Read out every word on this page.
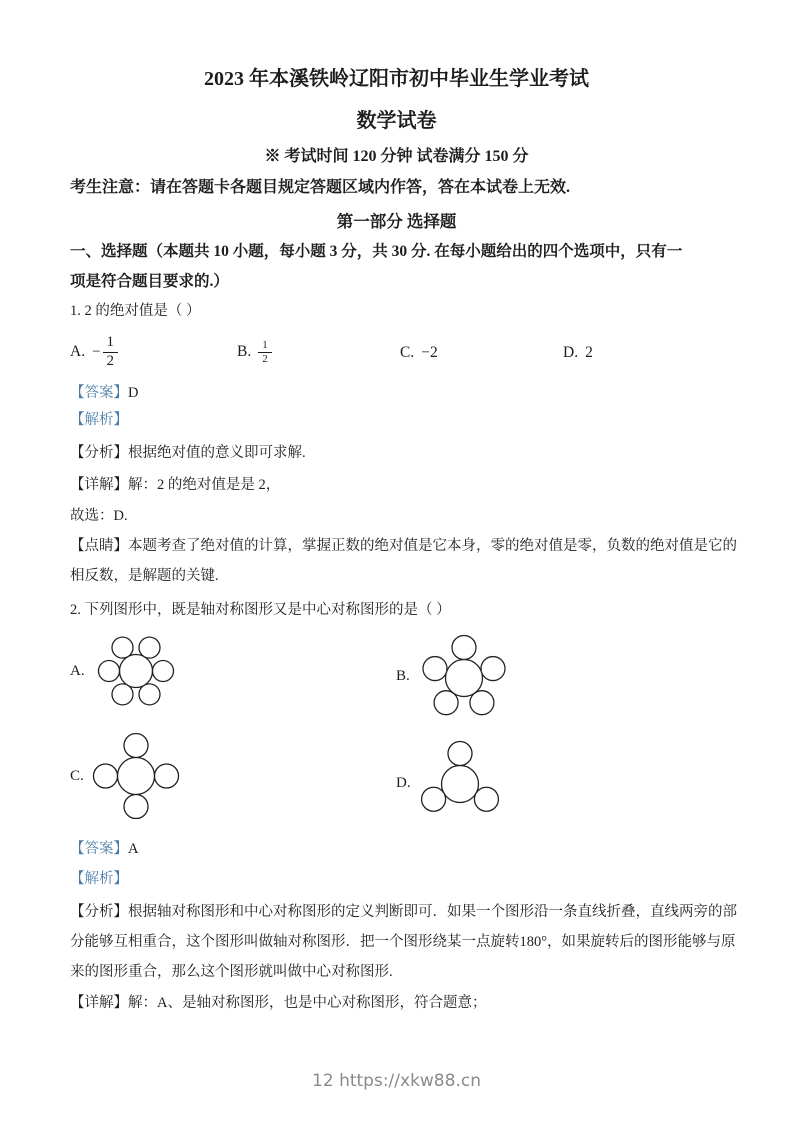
2023 年本溪铁岭辽阳市初中毕业生学业考试
数学试卷
※ 考试时间 120 分钟 试卷满分 150 分
考生注意：请在答题卡各题目规定答题区域内作答，答在本试卷上无效.
第一部分 选择题
一、选择题（本题共 10 小题，每小题 3 分，共 30 分. 在每小题给出的四个选项中，只有一
项是符合题目要求的.）
1. 2 的绝对值是（ ）
A. − $\frac{1}{2}$	B. $\frac{1}{2}$	C. −2	D. 2
【答案】D
【解析】
【分析】根据绝对值的意义即可求解.
【详解】解：2 的绝对值是是 2，
故选：D.
【点睛】本题考查了绝对值的计算，掌握正数的绝对值是它本身，零的绝对值是零，负数的绝对值是它的
相反数，是解题的关键.
2. 下列图形中，既是轴对称图形又是中心对称图形的是（ ）
A.	B.
C.	D.
【答案】A
【解析】
【分析】根据轴对称图形和中心对称图形的定义判断即可．如果一个图形沿一条直线折叠，直线两旁的部
分能够互相重合，这个图形叫做轴对称图形．把一个图形绕某一点旋转180°，如果旋转后的图形能够与原
来的图形重合，那么这个图形就叫做中心对称图形.
【详解】解：A、是轴对称图形，也是中心对称图形，符合题意；
12 https://xkw88.cn
